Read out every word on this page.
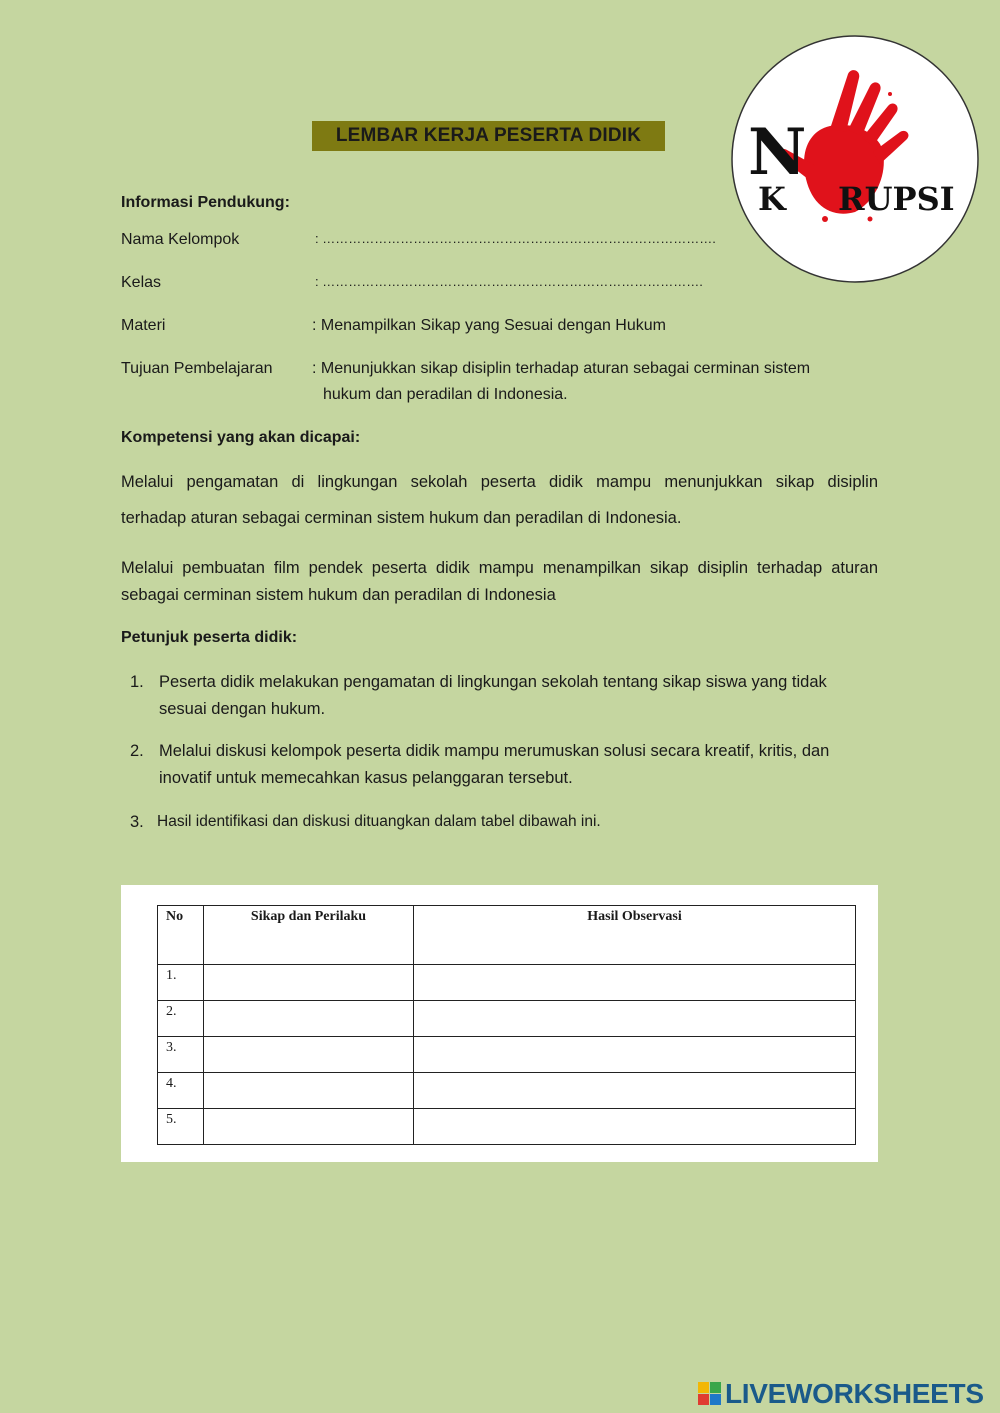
LEMBAR KERJA PESERTA DIDIK	N
K RUPSI
Informasi Pendukung:
Nama Kelompok	: ……………………………………………………………………………….
Kelas	: …………………………………………………………………………….
Materi	: Menampilkan Sikap yang Sesuai dengan Hukum
Tujuan Pembelajaran : Menunjukkan sikap disiplin terhadap aturan sebagai cerminan sistem
hukum dan peradilan di Indonesia.
Kompetensi yang akan dicapai:
Melalui pengamatan di lingkungan sekolah peserta didik mampu menunjukkan sikap disiplin
terhadap aturan sebagai cerminan sistem hukum dan peradilan di Indonesia.
Melalui pembuatan film pendek peserta didik mampu menampilkan sikap disiplin terhadap aturan
sebagai cerminan sistem hukum dan peradilan di Indonesia
Petunjuk peserta didik:
1. Peserta didik melakukan pengamatan di lingkungan sekolah tentang sikap siswa yang tidak
sesuai dengan hukum.
2. Melalui diskusi kelompok peserta didik mampu merumuskan solusi secara kreatif, kritis, dan
inovatif untuk memecahkan kasus pelanggaran tersebut.
3. Hasil identifikasi dan diskusi dituangkan dalam tabel dibawah ini.
No	Sikap dan Perilaku	Hasil Observasi
1.		
2.		
3.		
4.		
5.		
LIVEWORKSHEETS
